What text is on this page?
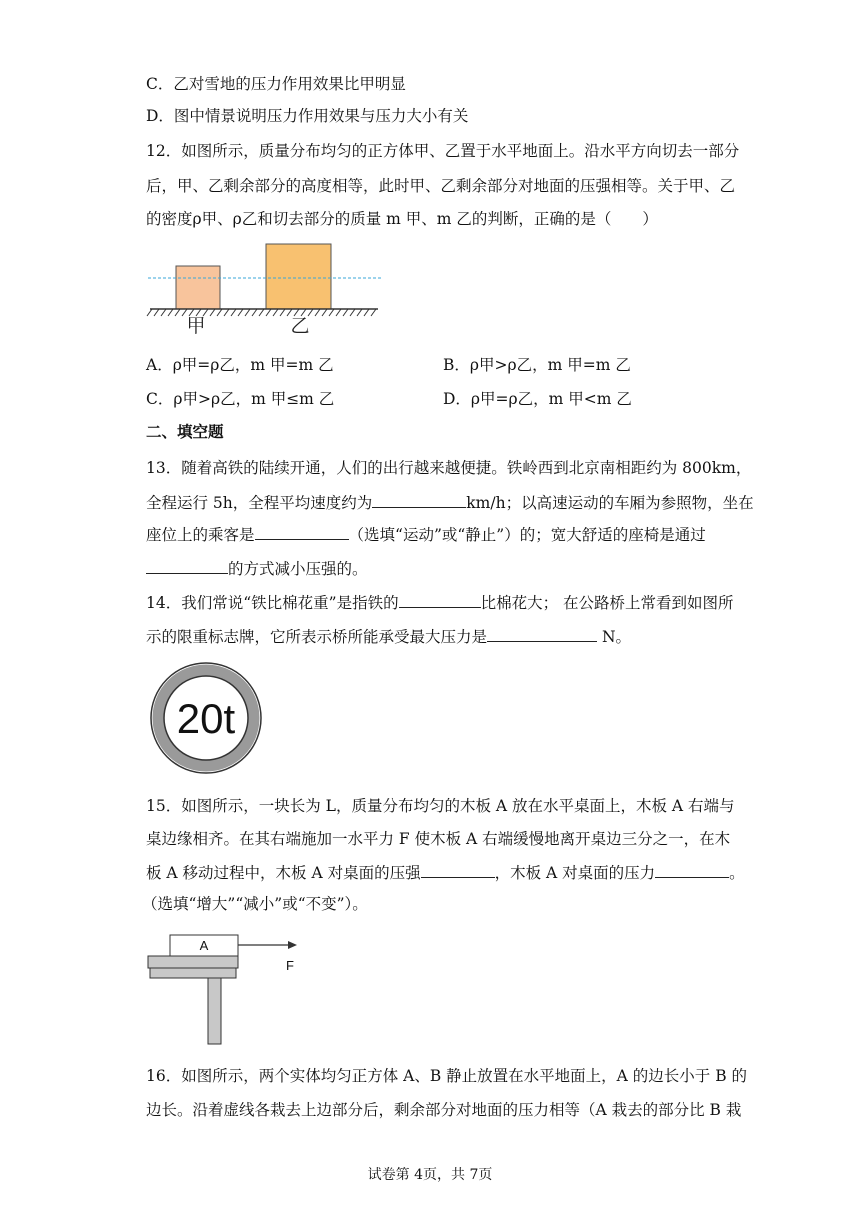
C．乙对雪地的压力作用效果比甲明显
D．图中情景说明压力作用效果与压力大小有关
12．如图所示，质量分布均匀的正方体甲、乙置于水平地面上。沿水平方向切去一部分
后，甲、乙剩余部分的高度相等，此时甲、乙剩余部分对地面的压强相等。关于甲、乙
的密度ρ甲、ρ乙和切去部分的质量 m 甲、m 乙的判断，正确的是（　　）
甲	乙
A．ρ甲=ρ乙，m 甲=m 乙	B．ρ甲>ρ乙，m 甲=m 乙
C．ρ甲>ρ乙，m 甲≤m 乙	D．ρ甲=ρ乙，m 甲<m 乙
二、填空题
13．随着高铁的陆续开通，人们的出行越来越便捷。铁岭西到北京南相距约为 800km，
全程运行 5h，全程平均速度约为	km/h；以高速运动的车厢为参照物，坐在
座位上的乘客是	（选填“运动”或“静止”）的；宽大舒适的座椅是通过
的方式减小压强的。
14．我们常说“铁比棉花重”是指铁的	比棉花大； 在公路桥上常看到如图所
示的限重标志牌，它所表示桥所能承受最大压力是	N。
20t
15．如图所示，一块长为 L，质量分布均匀的木板 A 放在水平桌面上，木板 A 右端与
桌边缘相齐。在其右端施加一水平力 F 使木板 A 右端缓慢地离开桌边三分之一，在木
板 A 移动过程中，木板 A 对桌面的压强	，木板 A 对桌面的压力	。
（选填“增大”“减小”或“不变”）。
A
F
16．如图所示，两个实体均匀正方体 A、B 静止放置在水平地面上，A 的边长小于 B 的
边长。沿着虚线各栽去上边部分后，剩余部分对地面的压力相等（A 栽去的部分比 B 栽
试卷第 4页，共 7页
